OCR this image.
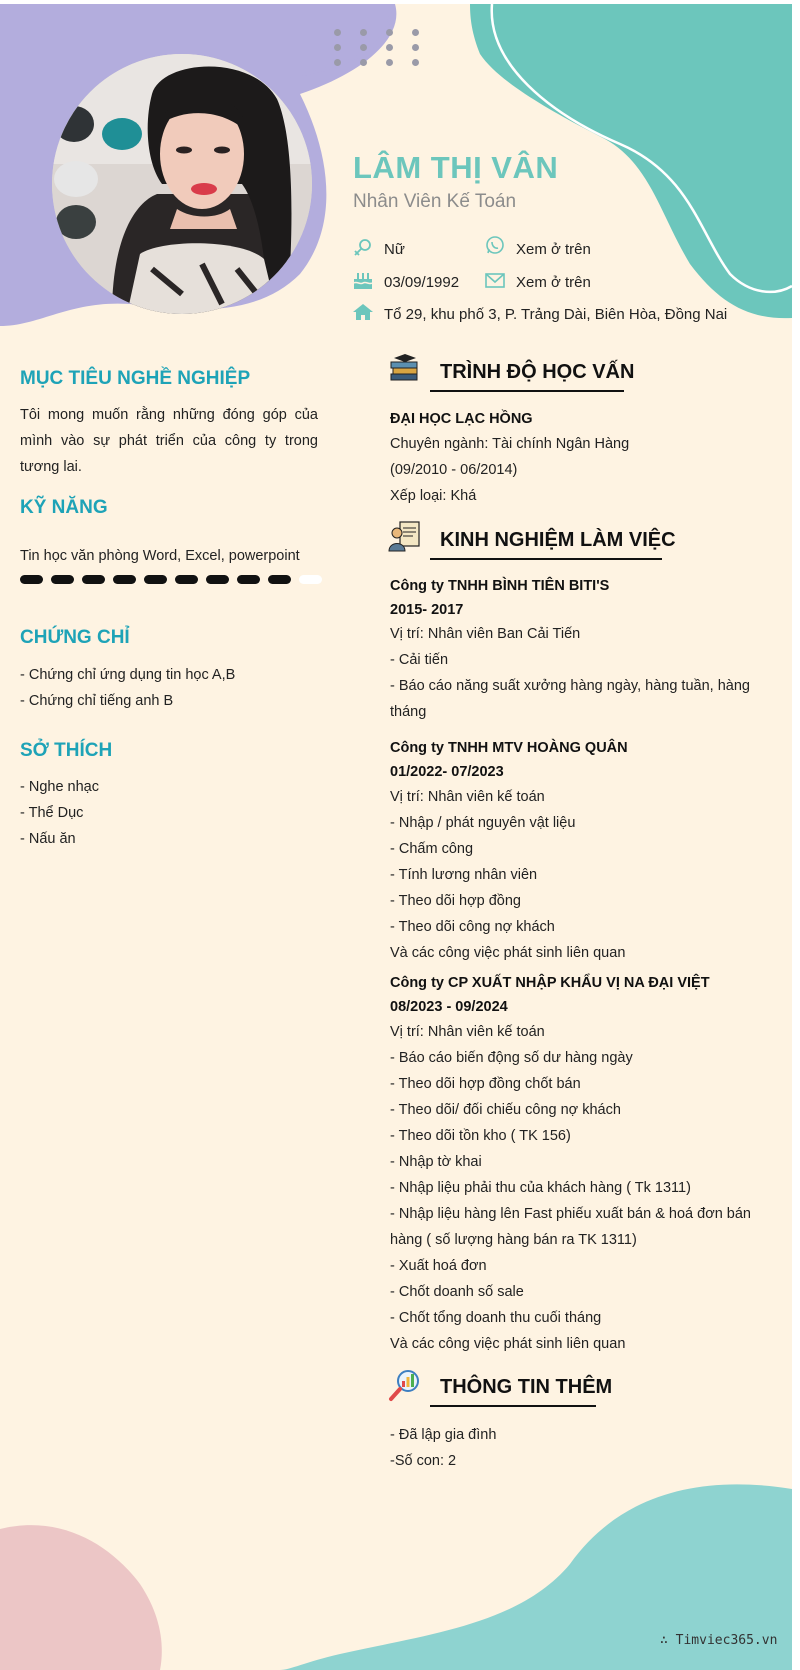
LÂM THỊ VÂN
Nhân Viên Kế Toán
Nữ	Xem ở trên
03/09/1992	Xem ở trên
Tổ 29, khu phố 3, P. Trảng Dài, Biên Hòa, Đồng Nai
MỤC TIÊU NGHỀ NGHIỆP
Tôi mong muốn rằng những đóng góp của mình vào sự phát triển của công ty trong tương lai.
KỸ NĂNG
Tin học văn phòng Word, Excel, powerpoint
CHỨNG CHỈ
- Chứng chỉ ứng dụng tin học A,B
- Chứng chỉ tiếng anh B
SỞ THÍCH
- Nghe nhạc
- Thể Dục
- Nấu ăn
TRÌNH ĐỘ HỌC VẤN
ĐẠI HỌC LẠC HỒNG
Chuyên ngành: Tài chính Ngân Hàng
(09/2010 - 06/2014)
Xếp loại: Khá
KINH NGHIỆM LÀM VIỆC
Công ty TNHH BÌNH TIÊN BITI'S
2015- 2017
Vị trí: Nhân viên Ban Cải Tiến
- Cải tiến
- Báo cáo năng suất xưởng hàng ngày, hàng tuần, hàng
tháng
Công ty TNHH MTV HOÀNG QUÂN
01/2022- 07/2023
Vị trí: Nhân viên kế toán
- Nhập / phát nguyên vật liệu
- Chấm công
- Tính lương nhân viên
- Theo dõi hợp đồng
- Theo dõi công nợ khách
Và các công việc phát sinh liên quan
Công ty CP XUẤT NHẬP KHẨU VỊ NA ĐẠI VIỆT
08/2023 - 09/2024
Vị trí: Nhân viên kế toán
- Báo cáo biến động số dư hàng ngày
- Theo dõi hợp đồng chốt bán
- Theo dõi/ đối chiếu công nợ khách
- Theo dõi tồn kho ( TK 156)
- Nhập tờ khai
- Nhập liệu phải thu của khách hàng ( Tk 1311)
- Nhập liệu hàng lên Fast phiếu xuất bán & hoá đơn bán
hàng ( số lượng hàng bán ra TK 1311)
- Xuất hoá đơn
- Chốt doanh số sale
- Chốt tổng doanh thu cuối tháng
Và các công việc phát sinh liên quan
THÔNG TIN THÊM
- Đã lập gia đình
-Số con: 2
∴ Timviec365.vn
